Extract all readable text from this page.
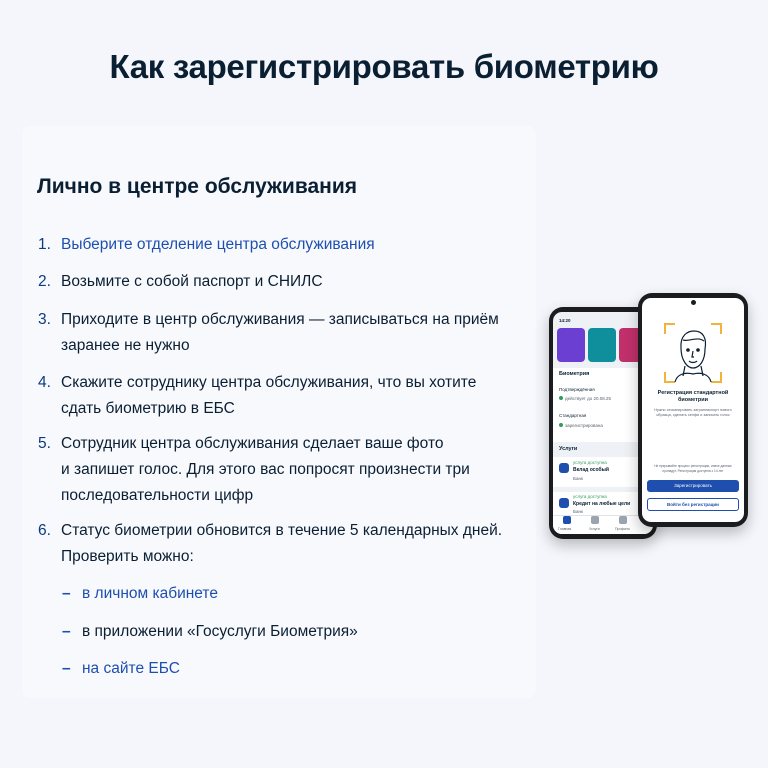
Как зарегистрировать биометрию
Лично в центре обслуживания
1. Выберите отделение центра обслуживания
2. Возьмите с собой паспорт и СНИЛС
3. Приходите в центр обслуживания — записываться на приём
заранее не нужно
4. Скажите сотруднику центра обслуживания, что вы хотите
сдать биометрию в ЕБС
5. Сотрудник центра обслуживания сделает ваше фото
и запишет голос. Для этого вас попросят произнести три
последовательности цифр
6. Статус биометрии обновится в течение 5 календарных дней.
Проверить можно:
– в личном кабинете
– в приложении «Госуслуги Биометрия»
– на сайте ЕБС
14:20
Биометрия
Подтверждённая
действует до 20.08.25
Стандартная
зарегистрирована
Услуги
услуга доступна
Вклад особый
Банк
услуга доступна
Кредит на любые цели
Банк
Главная	Услуги	Профиль
Регистрация стандартной
биометрии
Нужно отсканировать загранпаспорт нового образца, сделать селфи и записать голос
Не прерывайте процесс регистрации, иначе данные пропадут. Регистрация доступна с 14 лет
Зарегистрировать
Войти без регистрации
